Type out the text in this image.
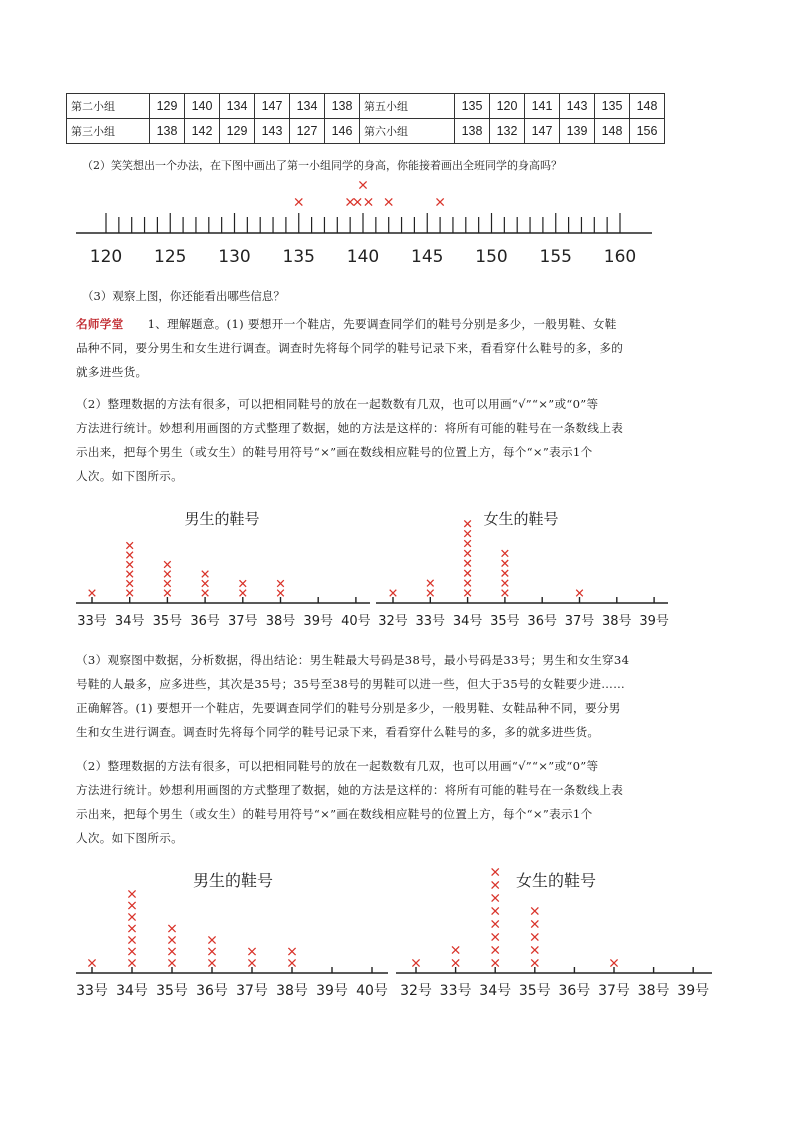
第二小组	129	140	134	147	134	138	第五小组	135	120	141	143	135	148
第三小组	138	142	129	143	127	146	第六小组	138	132	147	139	148	156

（2）笑笑想出一个办法，在下图中画出了第一小组同学的身高，你能接着画出全班同学的身高吗？

（3）观察上图，你还能看出哪些信息？

名师学堂 1、理解题意。(1) 要想开一个鞋店，先要调查同学们的鞋号分别是多少，一般男鞋、女鞋
品种不同，要分男生和女生进行调查。调查时先将每个同学的鞋号记录下来，看看穿什么鞋号的多，多的
就多进些货。
（2）整理数据的方法有很多，可以把相同鞋号的放在一起数数有几双，也可以用画“√”“×”或“0”等
方法进行统计。妙想利用画图的方式整理了数据，她的方法是这样的：将所有可能的鞋号在一条数线上表
示出来，把每个男生（或女生）的鞋号用符号“×”画在数线相应鞋号的位置上方，每个“×”表示1个
人次。如下图所示。
（3）观察图中数据，分析数据，得出结论：男生鞋最大号码是38号，最小号码是33号；男生和女生穿34
号鞋的人最多，应多进些，其次是35号；35号至38号的男鞋可以进一些，但大于35号的女鞋要少进……
正确解答。(1) 要想开一个鞋店，先要调查同学们的鞋号分别是多少，一般男鞋、女鞋品种不同，要分男
生和女生进行调查。调查时先将每个同学的鞋号记录下来，看看穿什么鞋号的多，多的就多进些货。
（2）整理数据的方法有很多，可以把相同鞋号的放在一起数数有几双，也可以用画“√”“×”或“0”等
方法进行统计。妙想利用画图的方式整理了数据，她的方法是这样的：将所有可能的鞋号在一条数线上表
示出来，把每个男生（或女生）的鞋号用符号“×”画在数线相应鞋号的位置上方，每个“×”表示1个
人次。如下图所示。
120 125 130 135 140 145 150 155 160
男生的鞋号
33号 34号 35号 36号 37号 38号 39号 40号
女生的鞋号
32号 33号 34号 35号 36号 37号 38号 39号
男生的鞋号
33号 34号 35号 36号 37号 38号 39号 40号
女生的鞋号
32号 33号 34号 35号 36号 37号 38号 39号
